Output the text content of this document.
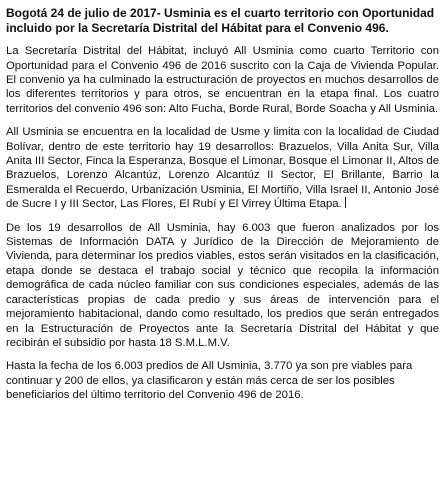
Bogotá 24 de julio de 2017- Usminia es el cuarto territorio con Oportunidad incluido por la Secretaría Distrital del Hábitat para el Convenio 496.

La Secretaría Distrital del Hábitat, incluyó All Usminia como cuarto Territorio con Oportunidad para el Convenio 496 de 2016 suscrito con la Caja de Vivienda Popular. El convenio ya ha culminado la estructuración de proyectos en muchos desarrollos de los diferentes territorios y para otros, se encuentran en la etapa final. Los cuatro territorios del convenio 496 son: Alto Fucha, Borde Rural, Borde Soacha y All Usminia.

All Usminia se encuentra en la localidad de Usme y limita con la localidad de Ciudad Bolívar, dentro de este territorio hay 19 desarrollos: Brazuelos, Villa Anita Sur, Villa Anita III Sector, Finca la Esperanza, Bosque el Limonar, Bosque el Limonar II, Altos de Brazuelos, Lorenzo Alcantúz, Lorenzo Alcantúz II Sector, El Brillante, Barrio la Esmeralda el Recuerdo, Urbanización Usminia, El Mortiño, Villa Israel II, Antonio José de Sucre I y III Sector, Las Flores, El Rubí y El Virrey Última Etapa.

De los 19 desarrollos de All Usminia, hay 6.003 que fueron analizados por los Sistemas de Información DATA y Jurídico de la Dirección de Mejoramiento de Vivienda, para determinar los predios viables, estos serán visitados en la clasificación, etapa donde se destaca el trabajo social y técnico que recopila la información demográfica de cada núcleo familiar con sus condiciones especiales, además de las características propias de cada predio y sus áreas de intervención para el mejoramiento habitacional, dando como resultado, los predios que serán entregados en la Estructuración de Proyectos ante la Secretaría Distrital del Hábitat y que recibirán el subsidio por hasta 18 S.M.L.M.V.

Hasta la fecha de los 6.003 predios de All Usminia, 3.770 ya son pre viables para continuar y 200 de ellos, ya clasificaron y están más cerca de ser los posibles beneficiarios del último territorio del Convenio 496 de 2016.
